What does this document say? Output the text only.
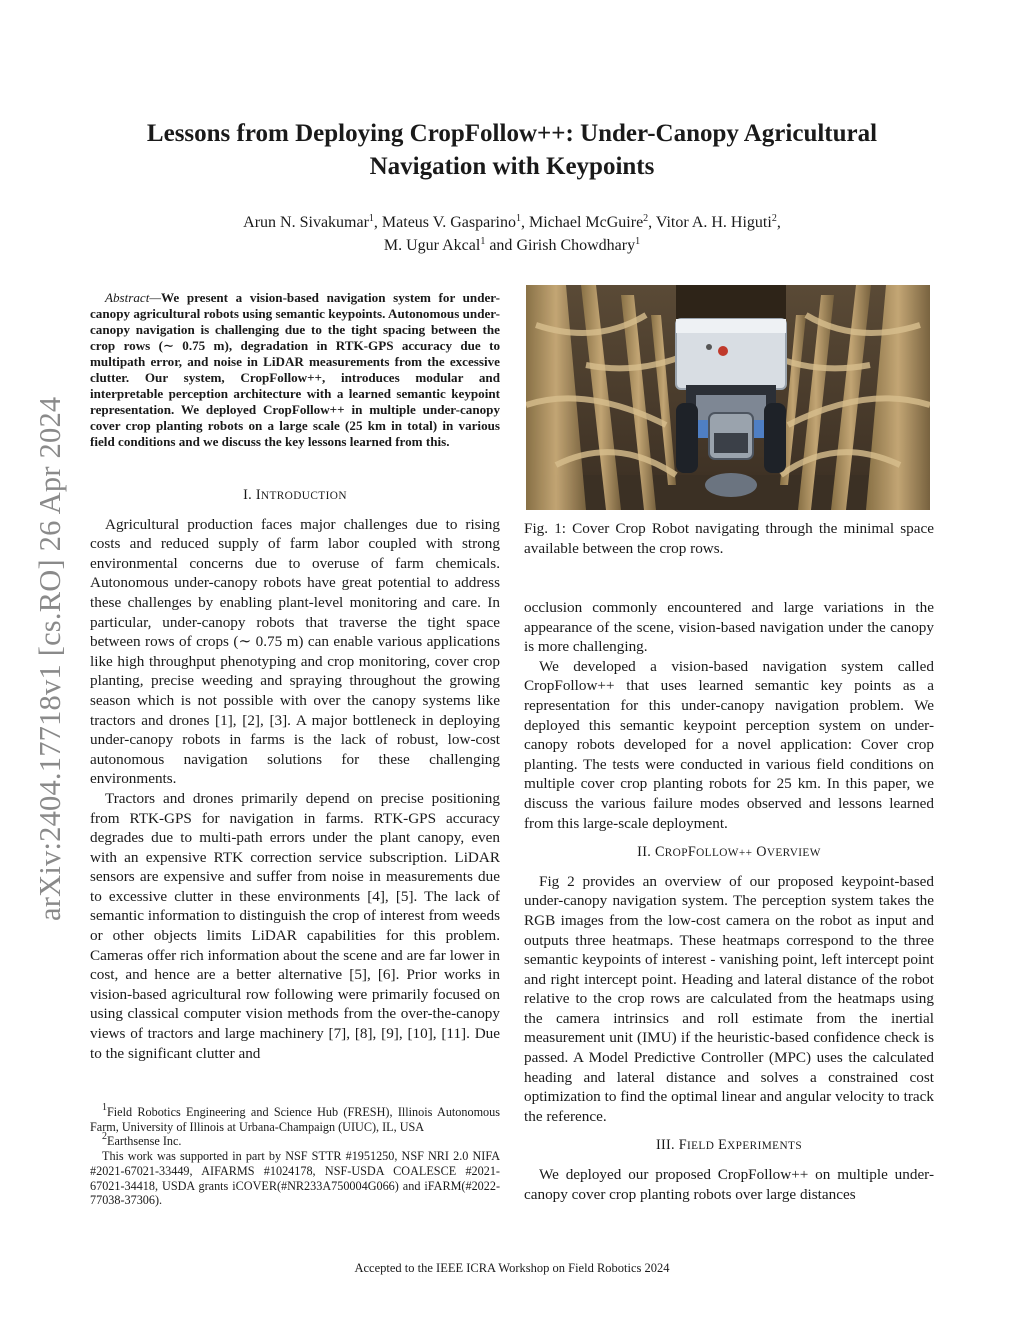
arXiv:2404.17718v1 [cs.RO] 26 Apr 2024
Lessons from Deploying CropFollow++: Under-Canopy Agricultural
Navigation with Keypoints
Arun N. Sivakumar$^1$, Mateus V. Gasparino$^1$, Michael McGuire$^2$, Vitor A. H. Higuti$^2$,
M. Ugur Akcal$^1$ and Girish Chowdhary$^1$

Abstract—We present a vision-based navigation system for under-canopy agricultural robots using semantic keypoints. Autonomous under-canopy navigation is challenging due to the tight spacing between the crop rows (∼ 0.75 m), degradation in RTK-GPS accuracy due to multipath error, and noise in LiDAR measurements from the excessive clutter. Our system, CropFollow++, introduces modular and interpretable perception architecture with a learned semantic keypoint representation. We deployed CropFollow++ in multiple under-canopy cover crop planting robots on a large scale (25 km in total) in various field conditions and we discuss the key lessons learned from this.

I. INTRODUCTION

Agricultural production faces major challenges due to rising costs and reduced supply of farm labor coupled with strong environmental concerns due to overuse of farm chemicals. Autonomous under-canopy robots have great potential to address these challenges by enabling plant-level monitoring and care. In particular, under-canopy robots that traverse the tight space between rows of crops (∼ 0.75 m) can enable various applications like high throughput phenotyping and crop monitoring, cover crop planting, precise weeding and spraying throughout the growing season which is not possible with over the canopy systems like tractors and drones [1], [2], [3]. A major bottleneck in deploying under-canopy robots in farms is the lack of robust, low-cost autonomous navigation solutions for these challenging environments.

Tractors and drones primarily depend on precise positioning from RTK-GPS for navigation in farms. RTK-GPS accuracy degrades due to multi-path errors under the plant canopy, even with an expensive RTK correction service subscription. LiDAR sensors are expensive and suffer from noise in measurements due to excessive clutter in these environments [4], [5]. The lack of semantic information to distinguish the crop of interest from weeds or other objects limits LiDAR capabilities for this problem. Cameras offer rich information about the scene and are far lower in cost, and hence are a better alternative [5], [6]. Prior works in vision-based agricultural row following were primarily focused on using classical computer vision methods from the over-the-canopy views of tractors and large machinery [7], [8], [9], [10], [11]. Due to the significant clutter and

$^1$Field Robotics Engineering and Science Hub (FRESH), Illinois Autonomous Farm, University of Illinois at Urbana-Champaign (UIUC), IL, USA

$^2$Earthsense Inc.

This work was supported in part by NSF STTR #1951250, NSF NRI 2.0 NIFA #2021-67021-33449, AIFARMS #1024178, NSF-USDA COALESCE #2021-67021-34418, USDA grants iCOVER(#NR233A750004G066) and iFARM(#2022-77038-37306).

Fig. 1: Cover Crop Robot navigating through the minimal space available between the crop rows.

occlusion commonly encountered and large variations in the appearance of the scene, vision-based navigation under the canopy is more challenging.

We developed a vision-based navigation system called CropFollow++ that uses learned semantic key points as a representation for this under-canopy navigation problem. We deployed this semantic keypoint perception system on under-canopy robots developed for a novel application: Cover crop planting. The tests were conducted in various field conditions on multiple cover crop planting robots for 25 km. In this paper, we discuss the various failure modes observed and lessons learned from this large-scale deployment.

II. CROPFOLLOW++ OVERVIEW

Fig 2 provides an overview of our proposed keypoint-based under-canopy navigation system. The perception system takes the RGB images from the low-cost camera on the robot as input and outputs three heatmaps. These heatmaps correspond to the three semantic keypoints of interest - vanishing point, left intercept point and right intercept point. Heading and lateral distance of the robot relative to the crop rows are calculated from the heatmaps using the camera intrinsics and roll estimate from the inertial measurement unit (IMU) if the heuristic-based confidence check is passed. A Model Predictive Controller (MPC) uses the calculated heading and lateral distance and solves a constrained cost optimization to find the optimal linear and angular velocity to track the reference.

III. FIELD EXPERIMENTS

We deployed our proposed CropFollow++ on multiple under-canopy cover crop planting robots over large distances

Accepted to the IEEE ICRA Workshop on Field Robotics 2024
